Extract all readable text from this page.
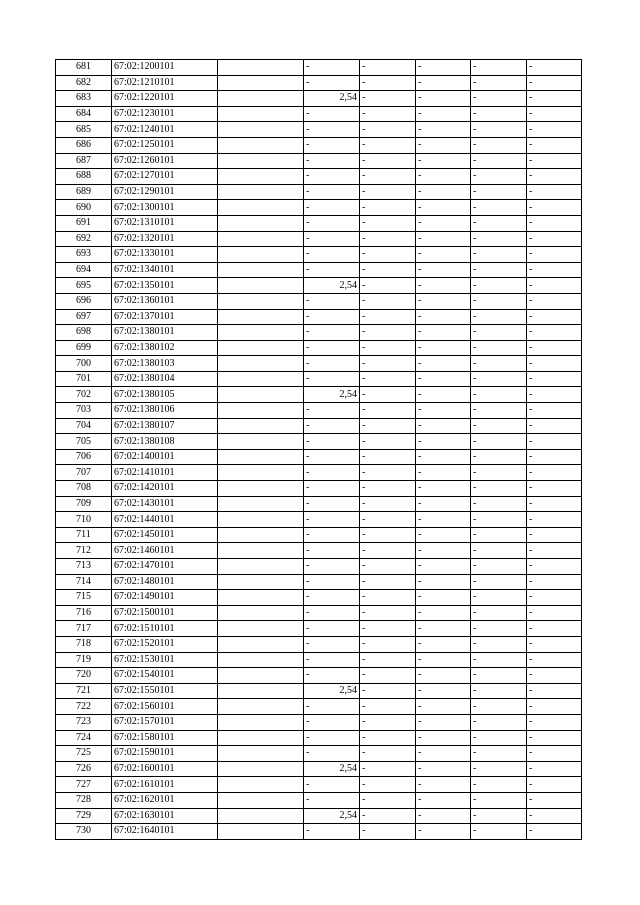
681	67:02:1200101		-	-	-	-	-
682	67:02:1210101		-	-	-	-	-
683	67:02:1220101		2,54	-	-	-	-
684	67:02:1230101		-	-	-	-	-
685	67:02:1240101		-	-	-	-	-
686	67:02:1250101		-	-	-	-	-
687	67:02:1260101		-	-	-	-	-
688	67:02:1270101		-	-	-	-	-
689	67:02:1290101		-	-	-	-	-
690	67:02:1300101		-	-	-	-	-
691	67:02:1310101		-	-	-	-	-
692	67:02:1320101		-	-	-	-	-
693	67:02:1330101		-	-	-	-	-
694	67:02:1340101		-	-	-	-	-
695	67:02:1350101		2,54	-	-	-	-
696	67:02:1360101		-	-	-	-	-
697	67:02:1370101		-	-	-	-	-
698	67:02:1380101		-	-	-	-	-
699	67:02:1380102		-	-	-	-	-
700	67:02:1380103		-	-	-	-	-
701	67:02:1380104		-	-	-	-	-
702	67:02:1380105		2,54	-	-	-	-
703	67:02:1380106		-	-	-	-	-
704	67:02:1380107		-	-	-	-	-
705	67:02:1380108		-	-	-	-	-
706	67:02:1400101		-	-	-	-	-
707	67:02:1410101		-	-	-	-	-
708	67:02:1420101		-	-	-	-	-
709	67:02:1430101		-	-	-	-	-
710	67:02:1440101		-	-	-	-	-
711	67:02:1450101		-	-	-	-	-
712	67:02:1460101		-	-	-	-	-
713	67:02:1470101		-	-	-	-	-
714	67:02:1480101		-	-	-	-	-
715	67:02:1490101		-	-	-	-	-
716	67:02:1500101		-	-	-	-	-
717	67:02:1510101		-	-	-	-	-
718	67:02:1520101		-	-	-	-	-
719	67:02:1530101		-	-	-	-	-
720	67:02:1540101		-	-	-	-	-
721	67:02:1550101		2,54	-	-	-	-
722	67:02:1560101		-	-	-	-	-
723	67:02:1570101		-	-	-	-	-
724	67:02:1580101		-	-	-	-	-
725	67:02:1590101		-	-	-	-	-
726	67:02:1600101		2,54	-	-	-	-
727	67:02:1610101		-	-	-	-	-
728	67:02:1620101		-	-	-	-	-
729	67:02:1630101		2,54	-	-	-	-
730	67:02:1640101		-	-	-	-	-
